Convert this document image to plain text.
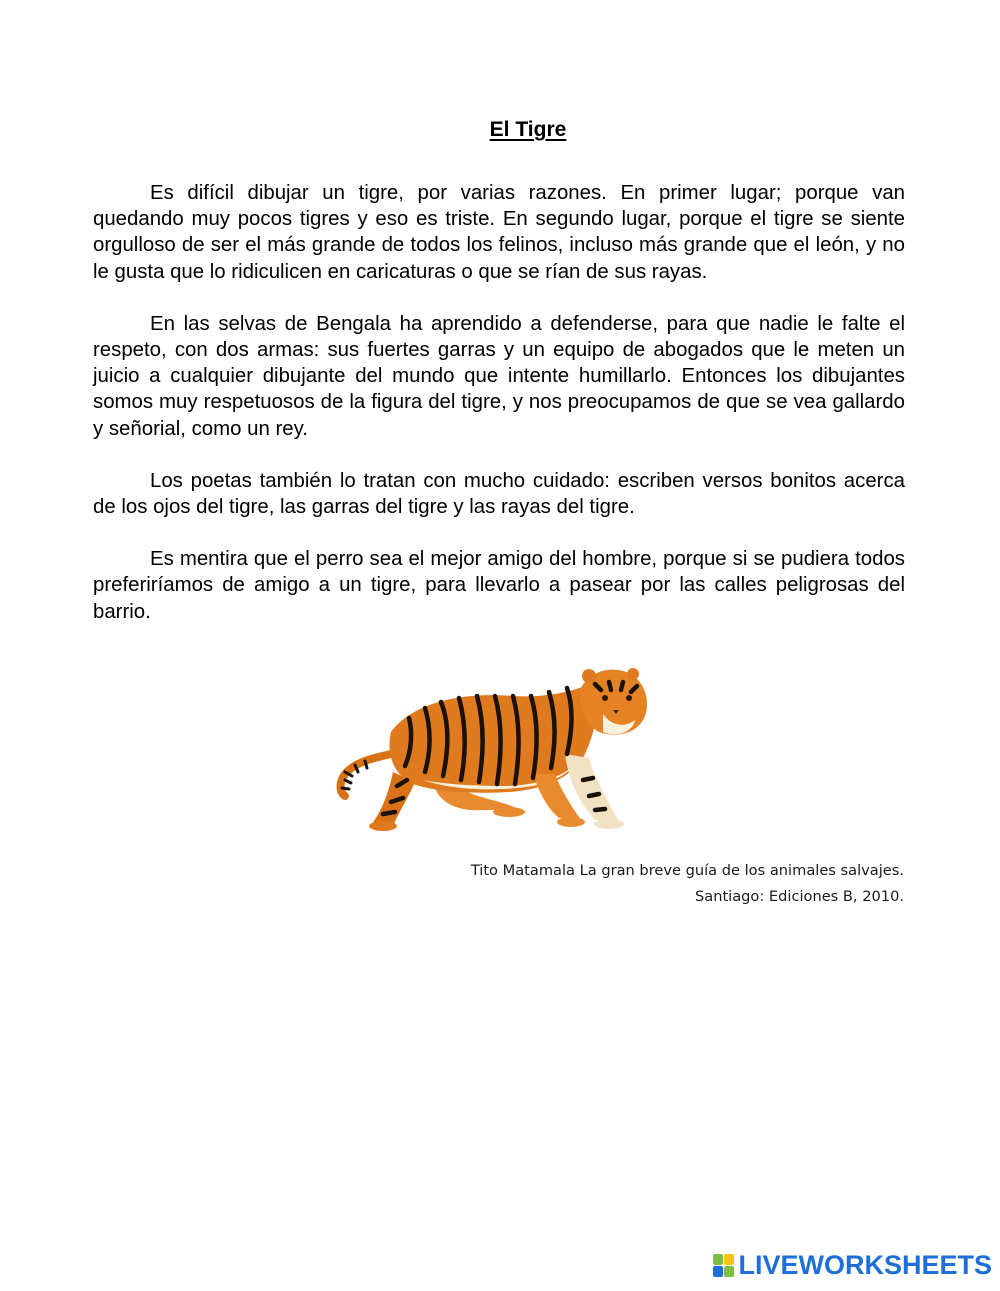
El Tigre

Es difícil dibujar un tigre, por varias razones. En primer lugar; porque van quedando muy pocos tigres y eso es triste. En segundo lugar, porque el tigre se siente orgulloso de ser el más grande de todos los felinos, incluso más grande que el león, y no le gusta que lo ridiculicen en caricaturas o que se rían de sus rayas.

En las selvas de Bengala ha aprendido a defenderse, para que nadie le falte el respeto, con dos armas: sus fuertes garras y un equipo de abogados que le meten un juicio a cualquier dibujante del mundo que intente humillarlo. Entonces los dibujantes somos muy respetuosos de la figura del tigre, y nos preocupamos de que se vea gallardo y señorial, como un rey.

Los poetas también lo tratan con mucho cuidado: escriben versos bonitos acerca de los ojos del tigre, las garras del tigre y las rayas del tigre.

Es mentira que el perro sea el mejor amigo del hombre, porque si se pudiera todos preferiríamos de amigo a un tigre, para llevarlo a pasear por las calles peligrosas del barrio.

Tito Matamala La gran breve guía de los animales salvajes.
Santiago: Ediciones B, 2010.
LIVEWORKSHEETS
